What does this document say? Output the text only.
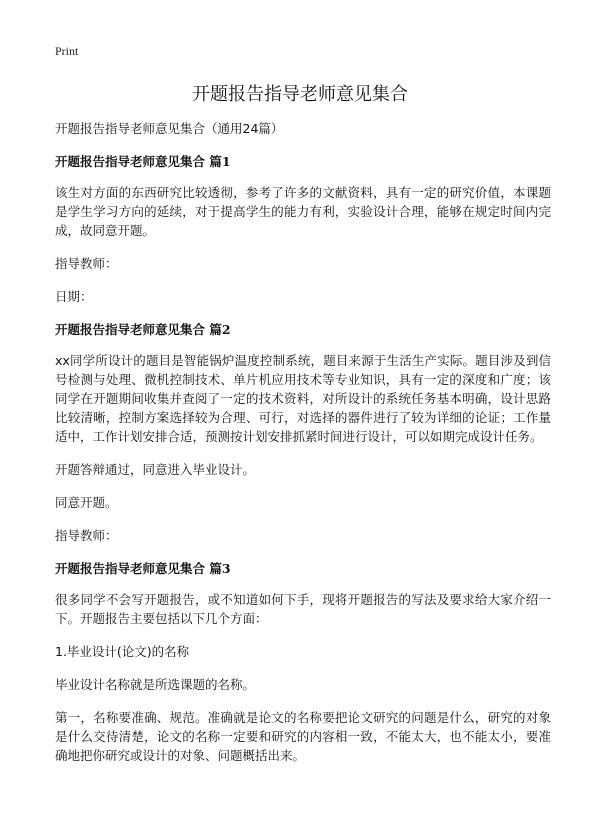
Print
开题报告指导老师意见集合

开题报告指导老师意见集合（通用24篇）

开题报告指导老师意见集合 篇1

该生对方面的东西研究比较透彻，参考了许多的文献资料，具有一定的研究价值，本课题是学生学习方向的延续，对于提高学生的能力有利，实验设计合理，能够在规定时间内完成，故同意开题。

指导教师：

日期：

开题报告指导老师意见集合 篇2

xx同学所设计的题目是智能锅炉温度控制系统，题目来源于生活生产实际。题目涉及到信号检测与处理、微机控制技术、单片机应用技术等专业知识，具有一定的深度和广度；该同学在开题期间收集并查阅了一定的技术资料，对所设计的系统任务基本明确，设计思路比较清晰，控制方案选择较为合理、可行，对选择的器件进行了较为详细的论证；工作量适中，工作计划安排合适，预测按计划安排抓紧时间进行设计，可以如期完成设计任务。

开题答辩通过，同意进入毕业设计。

同意开题。

指导教师：

开题报告指导老师意见集合 篇3

很多同学不会写开题报告，或不知道如何下手，现将开题报告的写法及要求给大家介绍一下。开题报告主要包括以下几个方面：

1.毕业设计(论文)的名称

毕业设计名称就是所选课题的名称。

第一，名称要准确、规范。准确就是论文的名称要把论文研究的问题是什么，研究的对象是什么交待清楚，论文的名称一定要和研究的内容相一致，不能太大，也不能太小，要准确地把你研究或设计的对象、问题概括出来。
